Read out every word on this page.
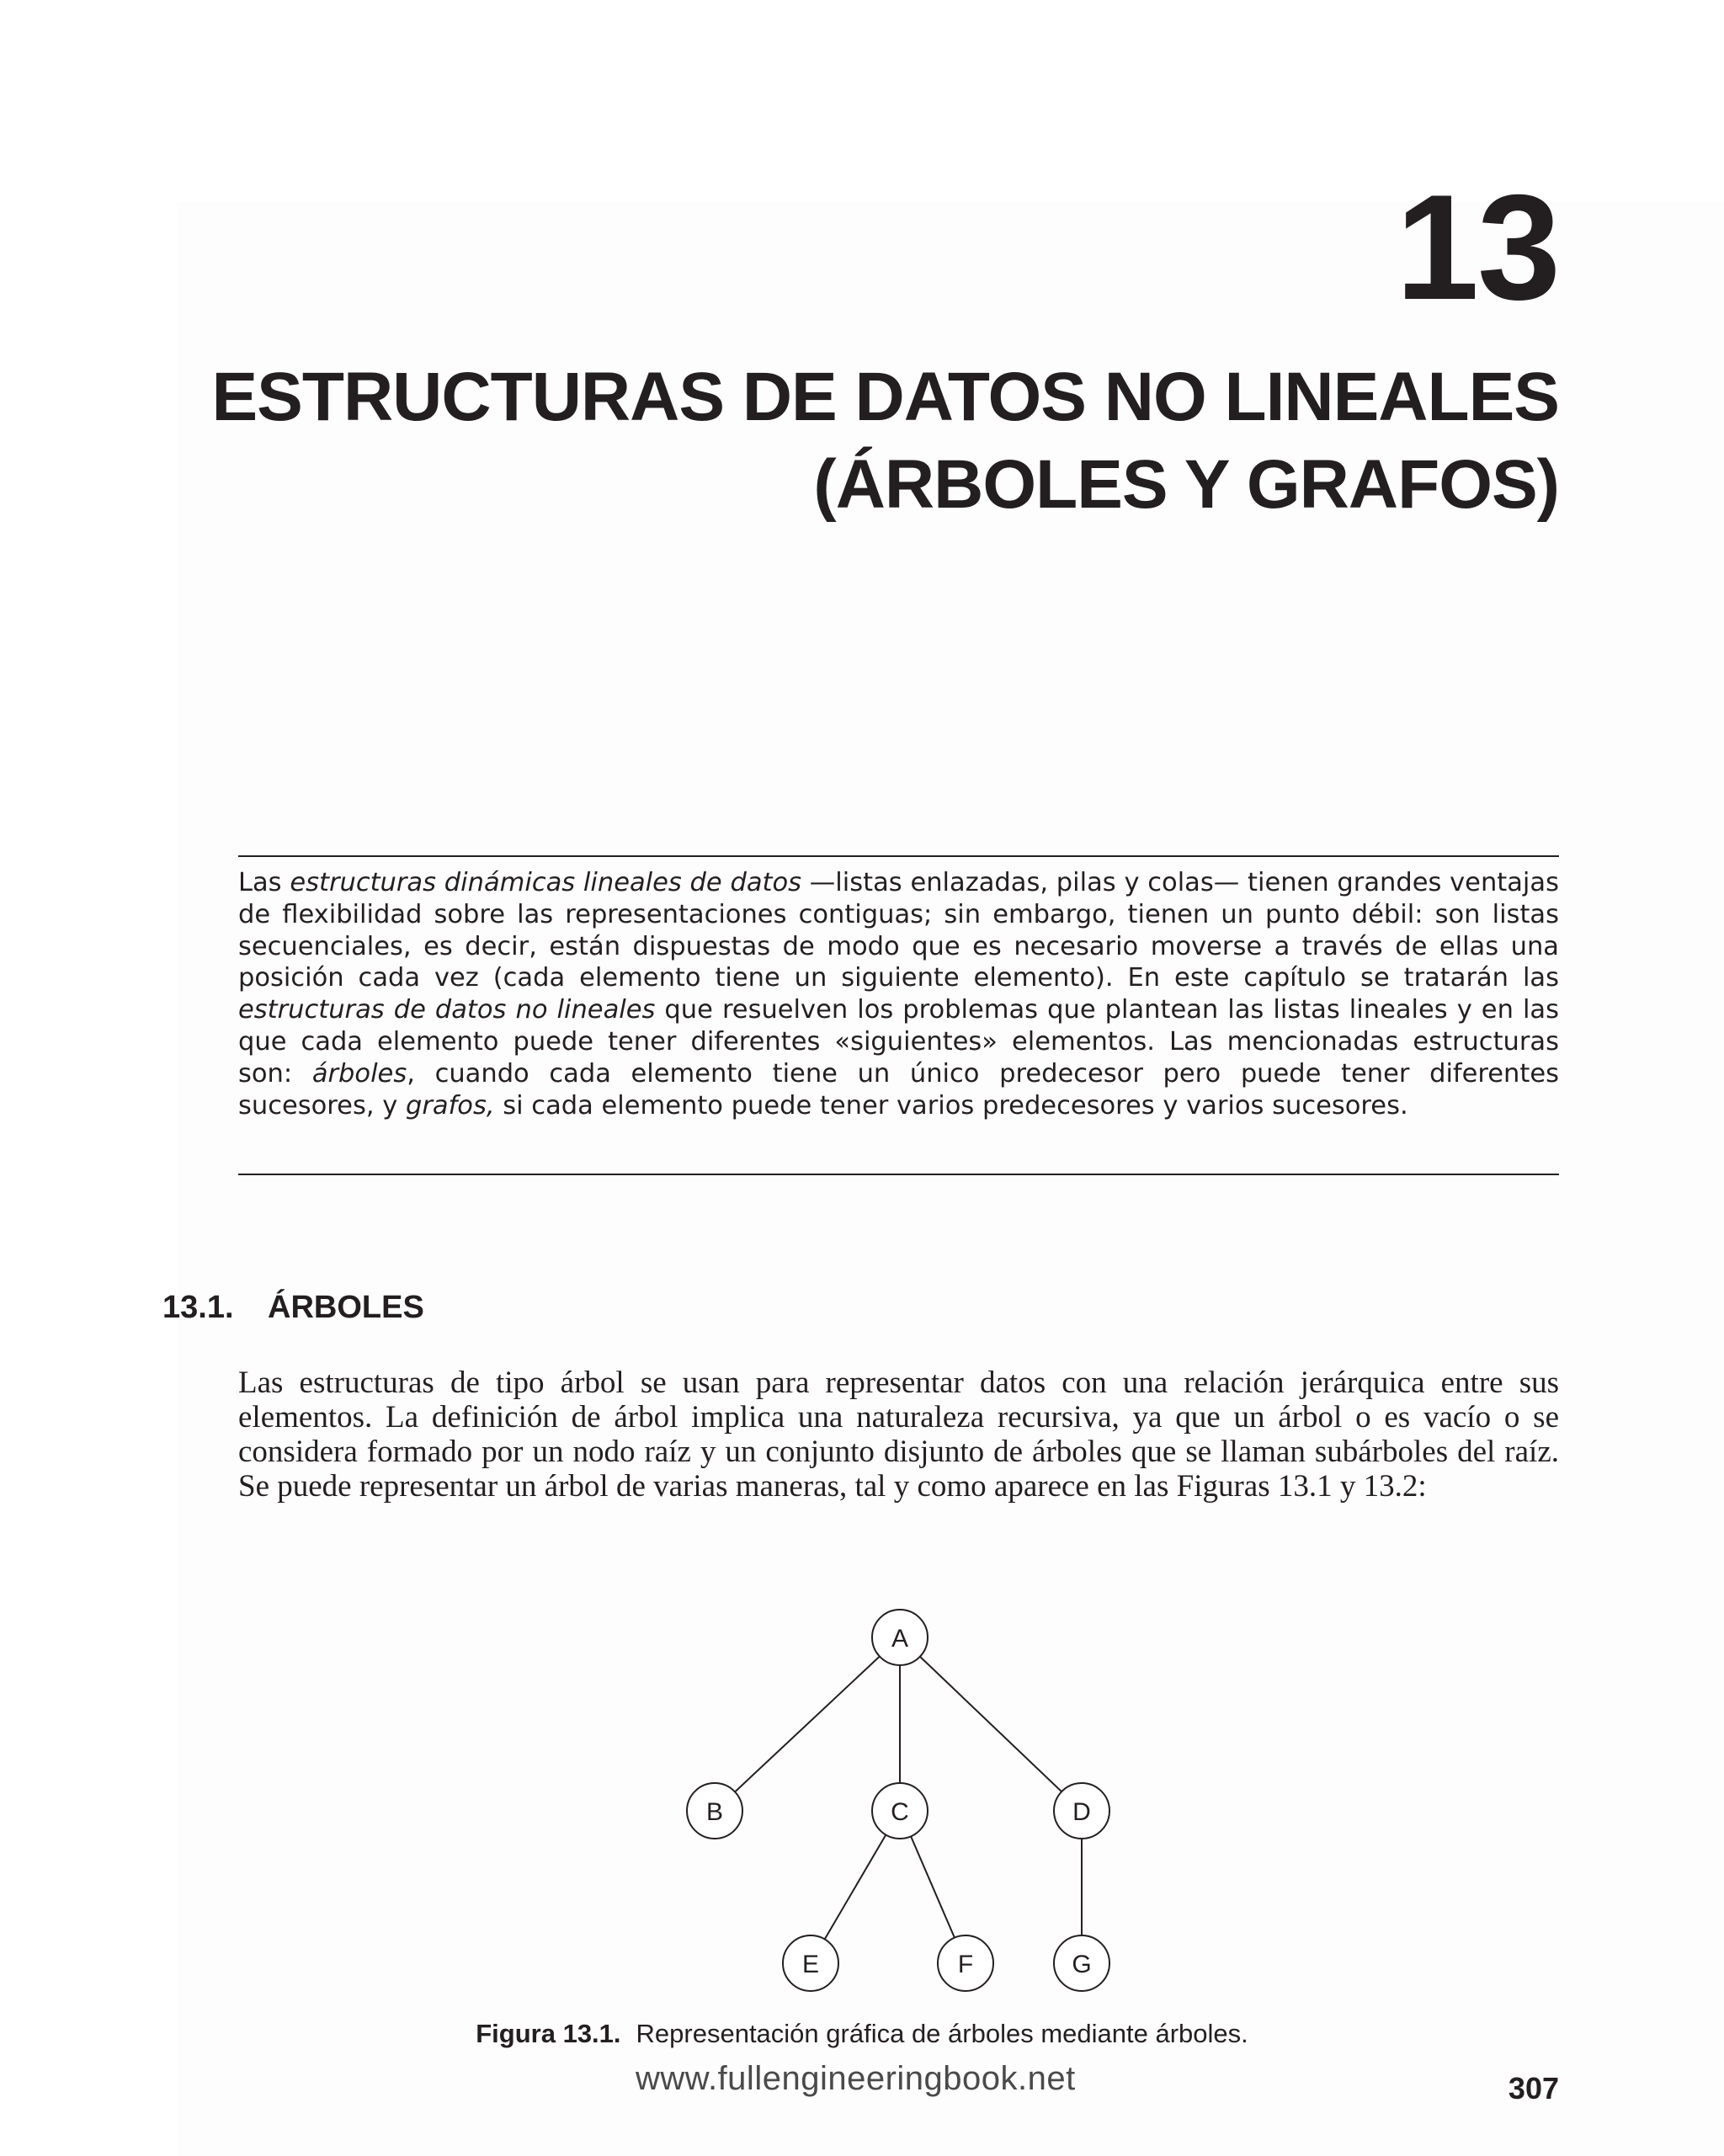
13
ESTRUCTURAS DE DATOS NO LINEALES
(ÁRBOLES Y GRAFOS)
Las estructuras dinámicas lineales de datos —listas enlazadas, pilas y colas— tienen grandes ventajas de flexibilidad sobre las representaciones contiguas; sin embargo, tienen un punto débil: son listas secuenciales, es decir, están dispuestas de modo que es necesario moverse a través de ellas una posición cada vez (cada elemento tiene un siguiente elemento). En este capítulo se tratarán las estructuras de datos no lineales que resuelven los problemas que plantean las listas lineales y en las que cada elemento puede tener diferentes «siguientes» elementos. Las mencionadas estructuras son: árboles, cuando cada elemento tiene un único predecesor pero puede tener diferentes sucesores, y grafos, si cada elemento puede tener varios predecesores y varios sucesores.
13.1. ÁRBOLES
Las estructuras de tipo árbol se usan para representar datos con una relación jerárquica entre sus elementos. La definición de árbol implica una naturaleza recursiva, ya que un árbol o es vacío o se considera formado por un nodo raíz y un conjunto disjunto de árboles que se llaman subárboles del raíz. Se puede representar un árbol de varias maneras, tal y como aparece en las Figuras 13.1 y 13.2:
A
B	C	D
E	F	G
Figura 13.1. Representación gráfica de árboles mediante árboles.
www.fullengineeringbook.net	307
